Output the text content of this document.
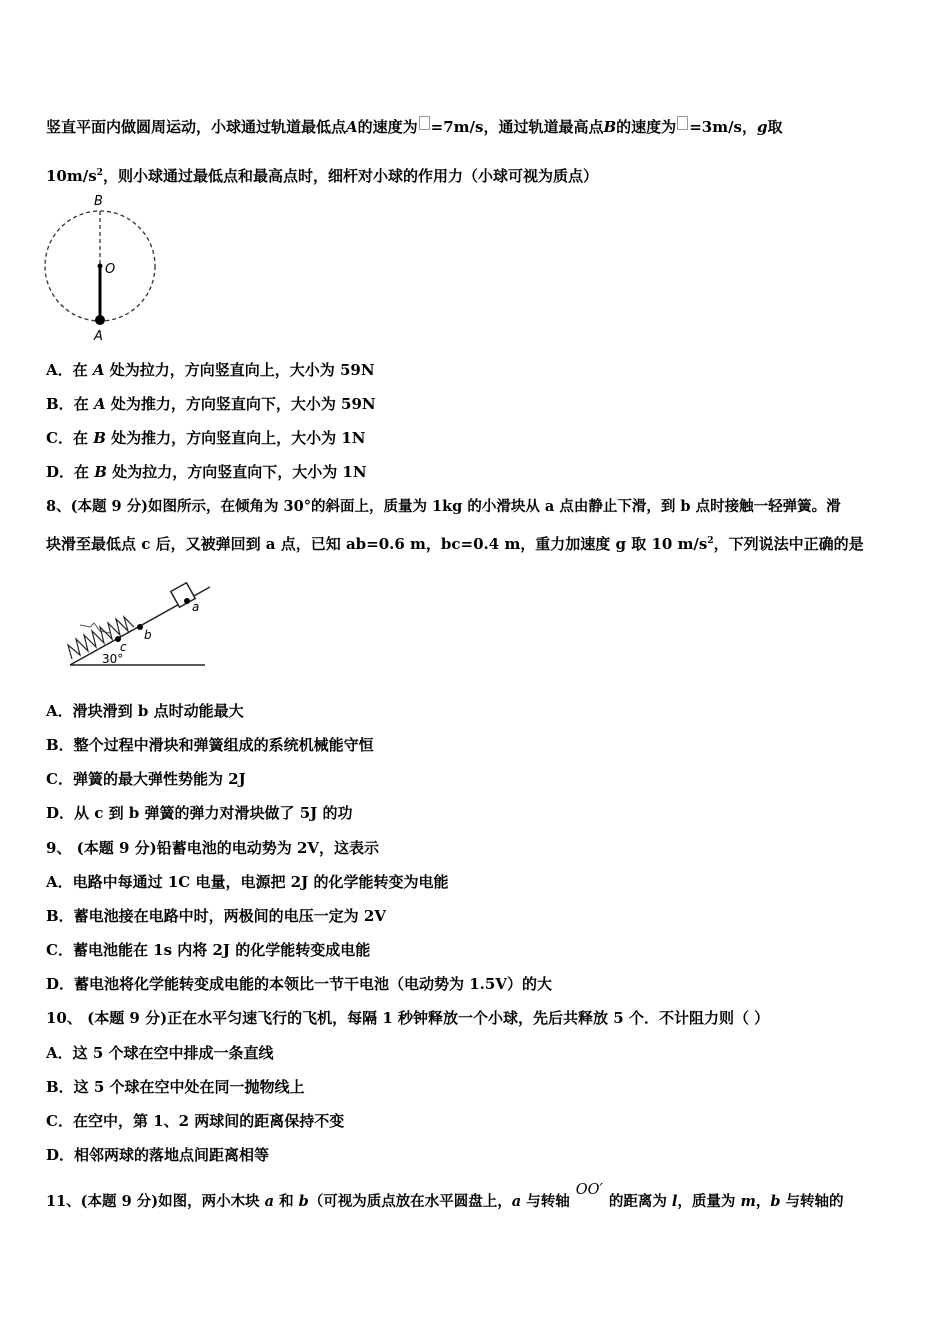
竖直平面内做圆周运动，小球通过轨道最低点A的速度为 =7m/s，通过轨道最高点B的速度为 =3m/s，g取
$10m/s^2$，则小球通过最低点和最高点时，细杆对小球的作用力（小球可视为质点）
B
O
A
A．在 A 处为拉力，方向竖直向上，大小为 59N
B．在 A 处为推力，方向竖直向下，大小为 59N
C．在 B 处为推力，方向竖直向上，大小为 1N
D．在 B 处为拉力，方向竖直向下，大小为 1N
8、(本题 9 分)如图所示，在倾角为 30°的斜面上，质量为 1kg 的小滑块从 a 点由静止下滑，到 b 点时接触一轻弹簧。滑
块滑至最低点 c 后，又被弹回到 a 点，已知 ab=0.6 m，bc=0.4 m，重力加速度 g 取 10 $m/s^2$，下列说法中正确的是
a
b
c
30°
A．滑块滑到 b 点时动能最大
B．整个过程中滑块和弹簧组成的系统机械能守恒
C．弹簧的最大弹性势能为 2J
D．从 c 到 b 弹簧的弹力对滑块做了 5J 的功
9、 (本题 9 分)铅蓄电池的电动势为 2V，这表示
A．电路中每通过 1C 电量，电源把 2J 的化学能转变为电能
B．蓄电池接在电路中时，两极间的电压一定为 2V
C．蓄电池能在 1s 内将 2J 的化学能转变成电能
D．蓄电池将化学能转变成电能的本领比一节干电池（电动势为 1.5V）的大
10、 (本题 9 分)正在水平匀速飞行的飞机，每隔 1 秒钟释放一个小球，先后共释放 5 个．不计阻力则（ ）
A．这 5 个球在空中排成一条直线
B．这 5 个球在空中处在同一抛物线上
C．在空中，第 1、2 两球间的距离保持不变
D．相邻两球的落地点间距离相等
11、(本题 9 分)如图，两小木块 a 和 b（可视为质点放在水平圆盘上，a 与转轴OO′的距离为 l，质量为 m，b 与转轴的
